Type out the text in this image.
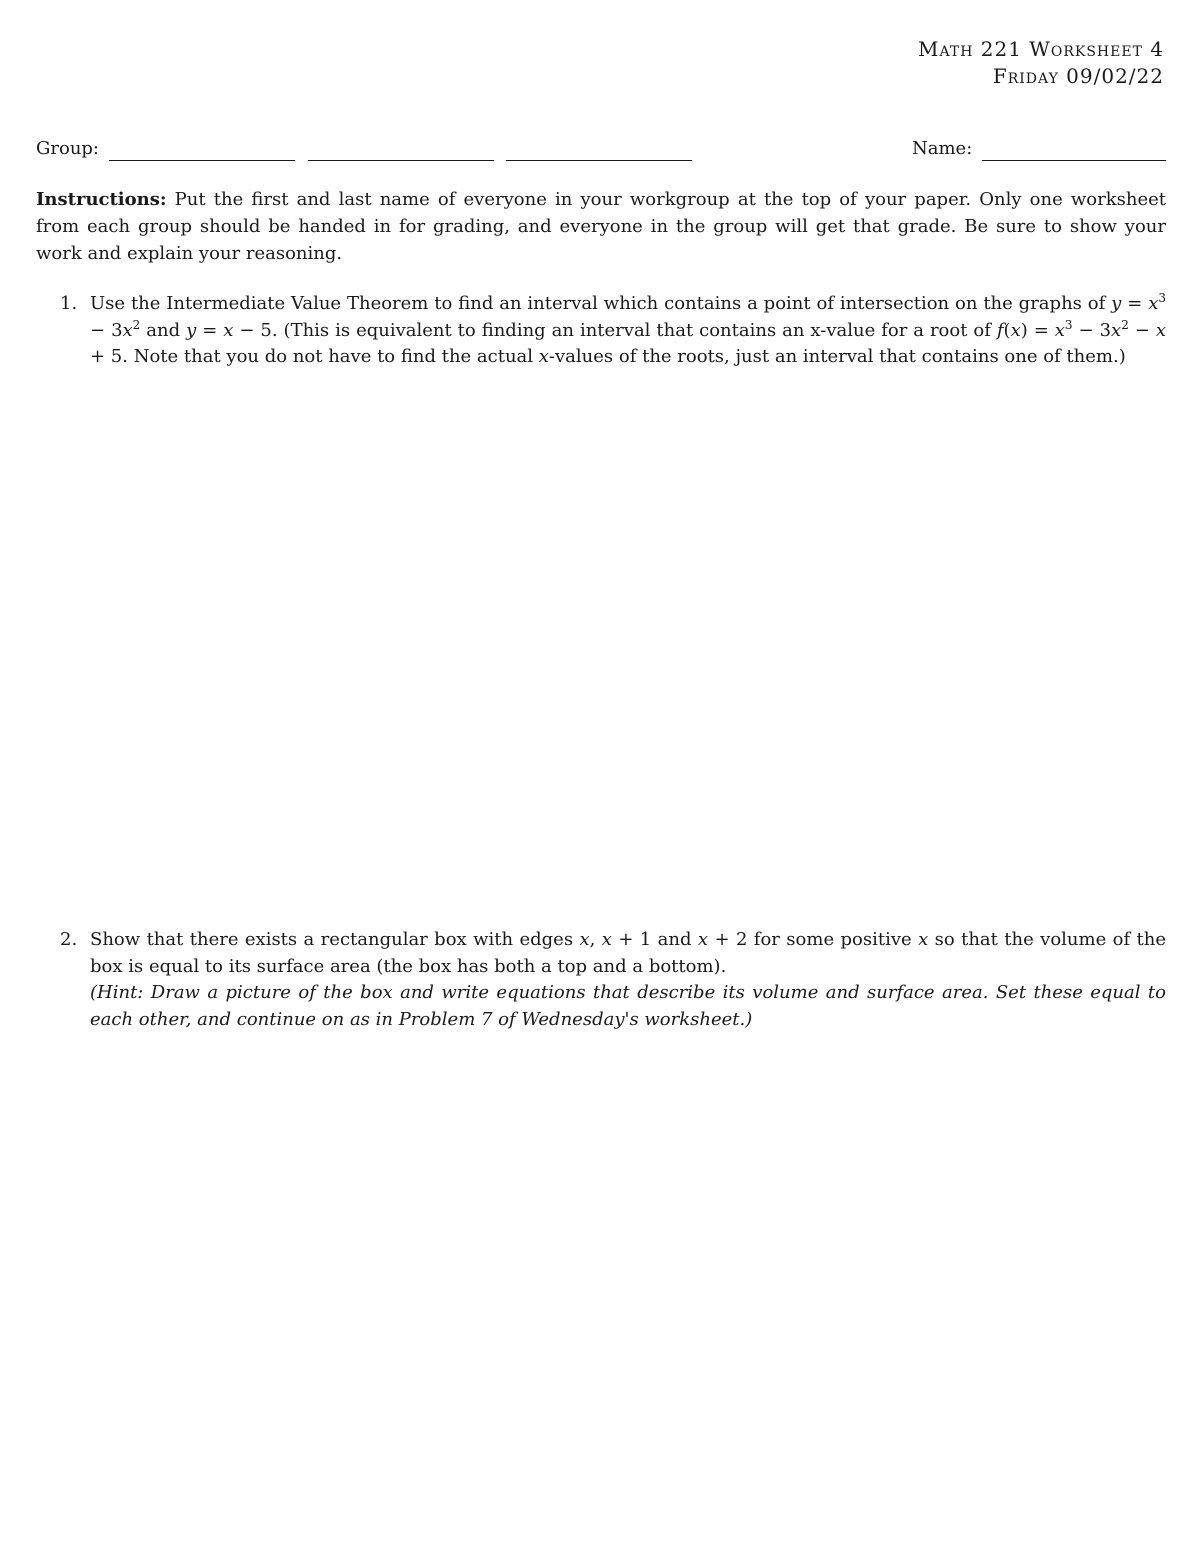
Math 221 Worksheet 4
Friday 09/02/22
Group:	Name:
Instructions: Put the first and last name of everyone in your workgroup at the top of your paper. Only one worksheet from each group should be handed in for grading, and everyone in the group will get that grade. Be sure to show your work and explain your reasoning.
1. Use the Intermediate Value Theorem to find an interval which contains a point of intersection on the graphs of $y = x^3 - 3x^2$ and y = x − 5. (This is equivalent to finding an interval that contains an x-value for a root of $f(x) = x^3 - 3x^2 - x + 5$. Note that you do not have to find the actual x-values of the roots, just an interval that contains one of them.)
2. Show that there exists a rectangular box with edges x, x + 1 and x + 2 for some positive x so that the volume of the box is equal to its surface area (the box has both a top and a bottom).
(Hint: Draw a picture of the box and write equations that describe its volume and surface area. Set these equal to each other, and continue on as in Problem 7 of Wednesday's worksheet.)
